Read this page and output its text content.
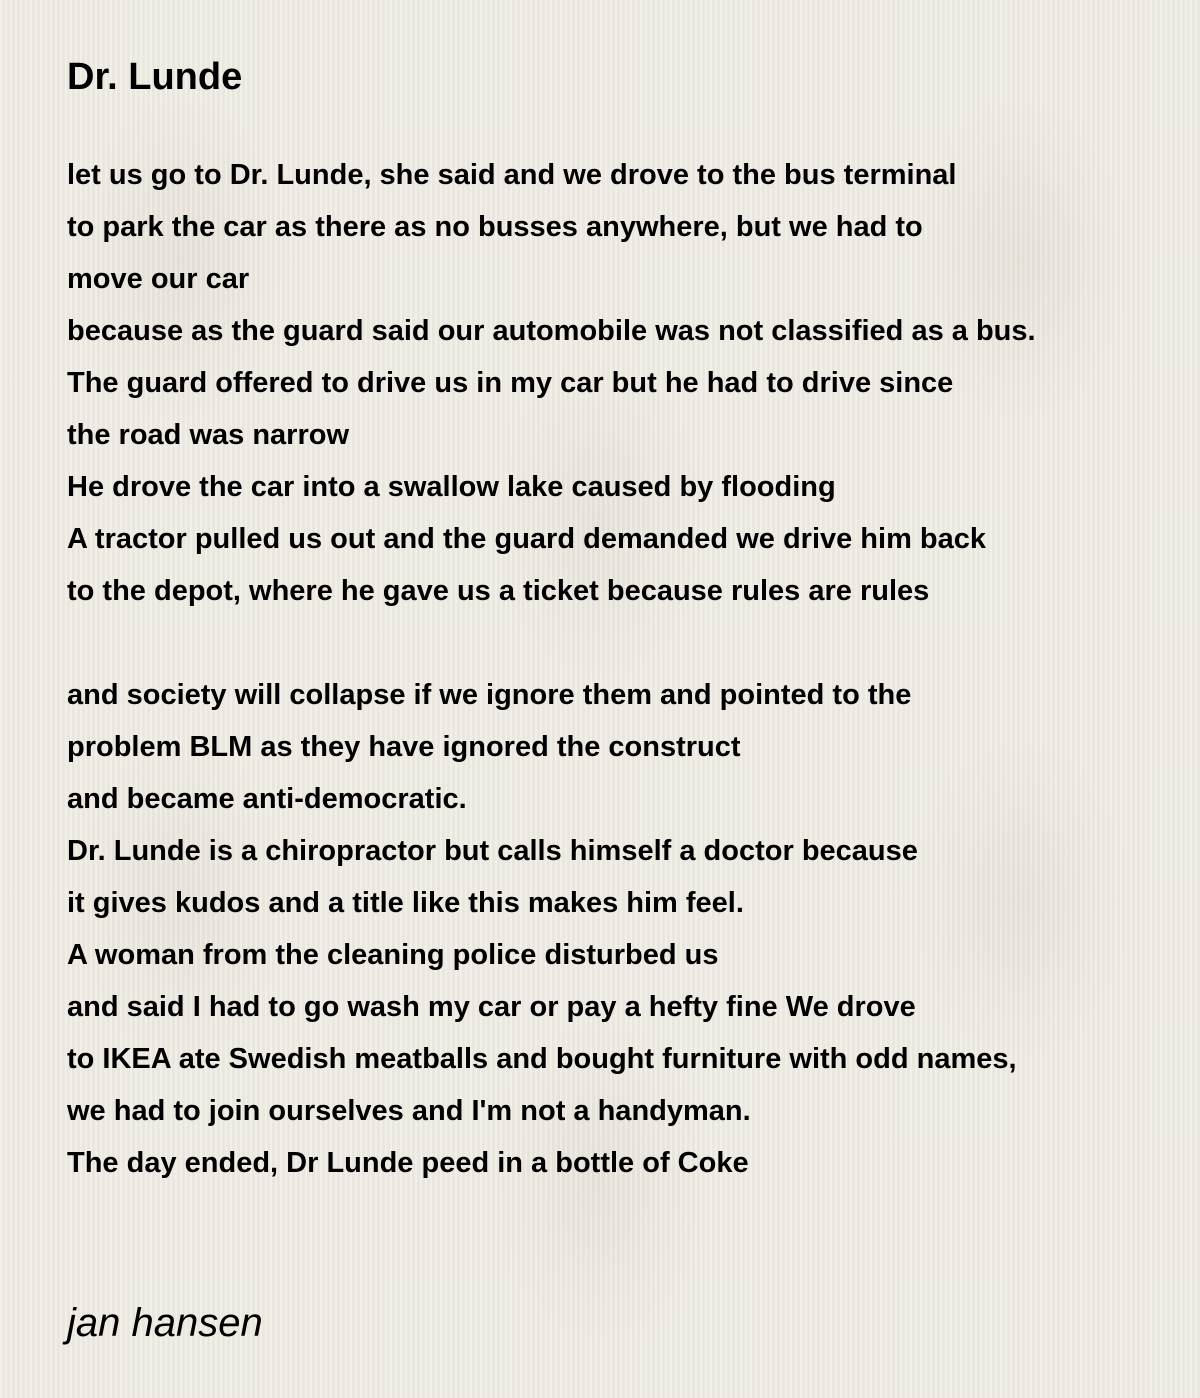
Dr. Lunde
let us go to Dr. Lunde, she said and we drove to the bus terminal
to park the car as there as no busses anywhere, but we had to
move our car
because as the guard said our automobile was not classified as a bus.
The guard offered to drive us in my car but he had to drive since
the road was narrow
He drove the car into a swallow lake caused by flooding
A tractor pulled us out and the guard demanded we drive him back
to the depot, where he gave us a ticket because rules are rules
and society will collapse if we ignore them and pointed to the
problem BLM as they have ignored the construct
and became anti-democratic.
Dr. Lunde is a chiropractor but calls himself a doctor because
it gives kudos and a title like this makes him feel.
A woman from the cleaning police disturbed us
and said I had to go wash my car or pay a hefty fine We drove
to IKEA ate Swedish meatballs and bought furniture with odd names,
we had to join ourselves and I'm not a handyman.
The day ended, Dr Lunde peed in a bottle of Coke

jan hansen
